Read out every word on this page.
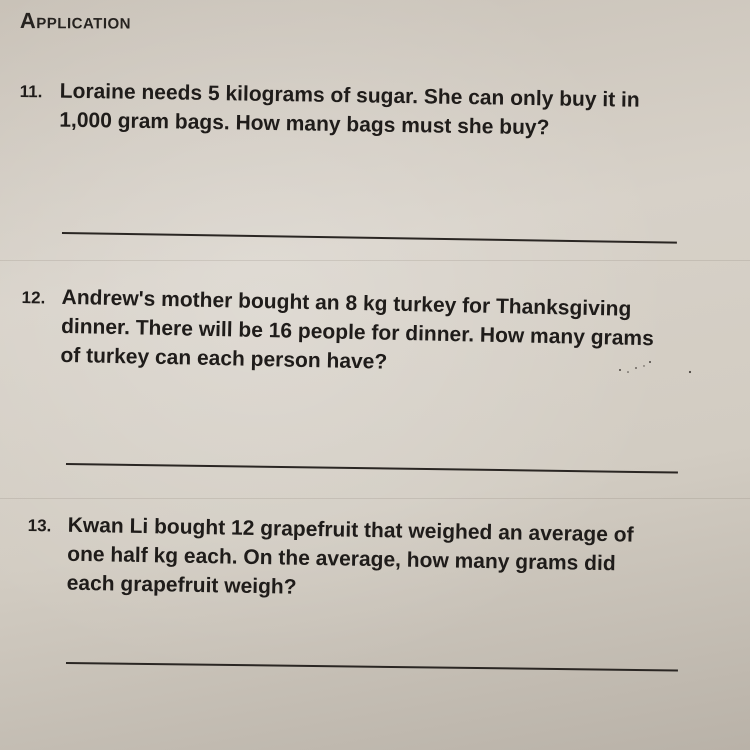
Application
11. Loraine needs 5 kilograms of sugar. She can only buy it in 1,000 gram bags. How many bags must she buy?
12. Andrew's mother bought an 8 kg turkey for Thanksgiving dinner. There will be 16 people for dinner. How many grams of turkey can each person have?
13. Kwan Li bought 12 grapefruit that weighed an average of one half kg each. On the average, how many grams did each grapefruit weigh?
